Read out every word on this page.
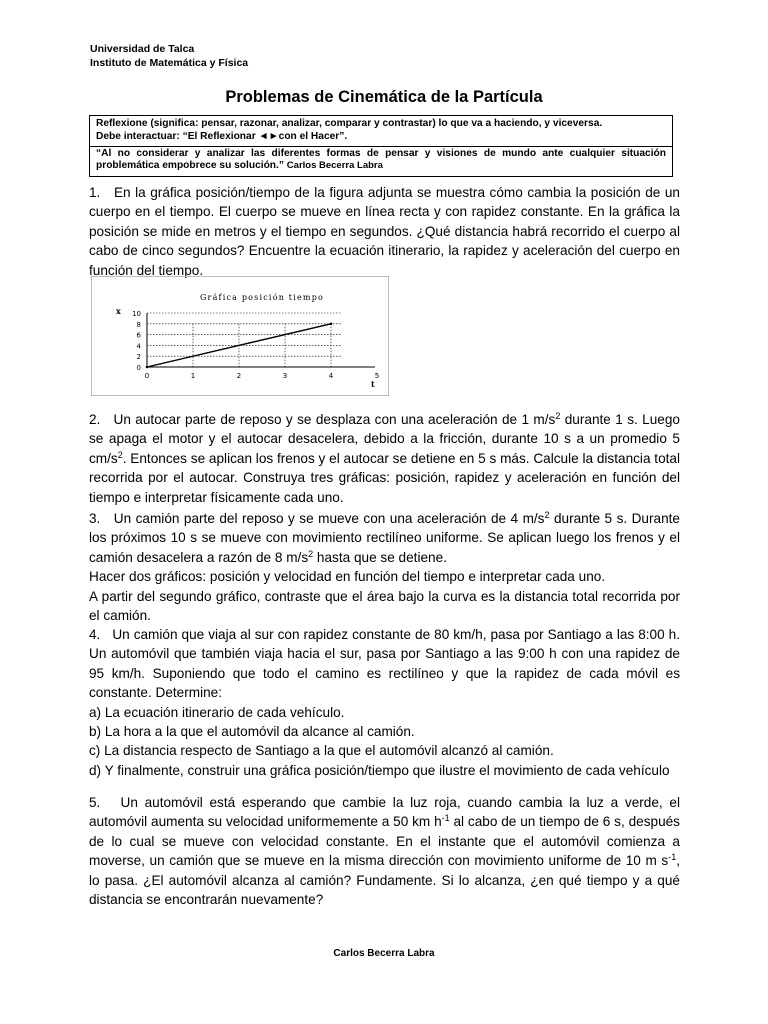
Universidad de Talca
Instituto de Matemática y Física
Problemas de Cinemática de la Partícula
Reflexione (significa: pensar, razonar, analizar, comparar y contrastar) lo que va a haciendo, y viceversa.
Debe interactuar: “El Reflexionar ◄►con el Hacer”.
“Al no considerar y analizar las diferentes formas de pensar y visiones de mundo ante cualquier situación problemática empobrece su solución.” Carlos Becerra Labra

1. En la gráfica posición/tiempo de la figura adjunta se muestra cómo cambia la posición de un cuerpo en el tiempo. El cuerpo se mueve en línea recta y con rapidez constante. En la gráfica la posición se mide en metros y el tiempo en segundos. ¿Qué distancia habrá recorrido el cuerpo al cabo de cinco segundos? Encuentre la ecuación itinerario, la rapidez y aceleración del cuerpo en función del tiempo.

Gráfica posición tiempo
0
2
4
6
8
10
0	1	2	3	4	5
x
t

2. Un autocar parte de reposo y se desplaza con una aceleración de 1 $m/s^2$ durante 1 s. Luego se apaga el motor y el autocar desacelera, debido a la fricción, durante 10 s a un promedio 5 $cm/s^2$. Entonces se aplican los frenos y el autocar se detiene en 5 s más. Calcule la distancia total recorrida por el autocar. Construya tres gráficas: posición, rapidez y aceleración en función del tiempo e interpretar físicamente cada uno.

3. Un camión parte del reposo y se mueve con una aceleración de 4 $m/s^2$ durante 5 s. Durante los próximos 10 s se mueve con movimiento rectilíneo uniforme. Se aplican luego los frenos y el camión desacelera a razón de 8 $m/s^2$ hasta que se detiene.

Hacer dos gráficos: posición y velocidad en función del tiempo e interpretar cada uno.

A partir del segundo gráfico, contraste que el área bajo la curva es la distancia total recorrida por el camión.

4. Un camión que viaja al sur con rapidez constante de 80 km/h, pasa por Santiago a las 8:00 h. Un automóvil que también viaja hacia el sur, pasa por Santiago a las 9:00 h con una rapidez de 95 km/h. Suponiendo que todo el camino es rectilíneo y que la rapidez de cada móvil es constante. Determine:

a) La ecuación itinerario de cada vehículo.

b) La hora a la que el automóvil da alcance al camión.

c) La distancia respecto de Santiago a la que el automóvil alcanzó al camión.

d) Y finalmente, construir una gráfica posición/tiempo que ilustre el movimiento de cada vehículo

5. Un automóvil está esperando que cambie la luz roja, cuando cambia la luz a verde, el automóvil aumenta su velocidad uniformemente a 50 km $h^{-1}$ al cabo de un tiempo de 6 s, después de lo cual se mueve con velocidad constante. En el instante que el automóvil comienza a moverse, un camión que se mueve en la misma dirección con movimiento uniforme de 10 m $s^{-1}$, lo pasa. ¿El automóvil alcanza al camión? Fundamente. Si lo alcanza, ¿en qué tiempo y a qué distancia se encontrarán nuevamente?

Carlos Becerra Labra
